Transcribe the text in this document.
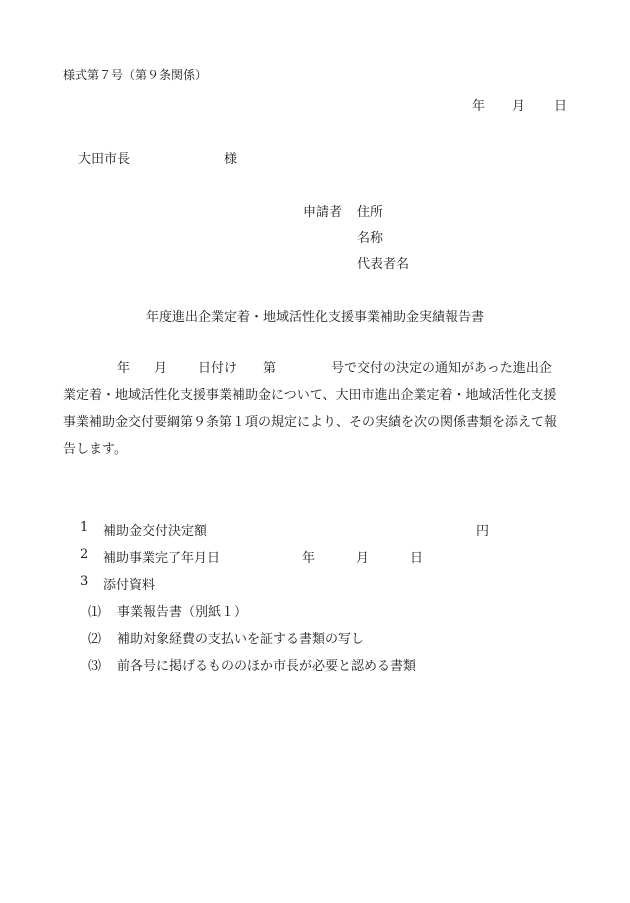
様式第７号（第９条関係）
年 月 日
大田市長	様
申請者 住所
名称
代表者名
年度進出企業定着・地域活性化支援事業補助金実績報告書
年 月 日付け 第	号で交付の決定の通知があった進出企
業定着・地域活性化支援事業補助金について、大田市進出企業定着・地域活性化支援
事業補助金交付要綱第９条第１項の規定により、その実績を次の関係書類を添えて報
告します。
1 補助金交付決定額	円
2 補助事業完了年月日	年	月	日
3 添付資料
⑴ 事業報告書（別紙１）
⑵ 補助対象経費の支払いを証する書類の写し
⑶ 前各号に掲げるもののほか市長が必要と認める書類
